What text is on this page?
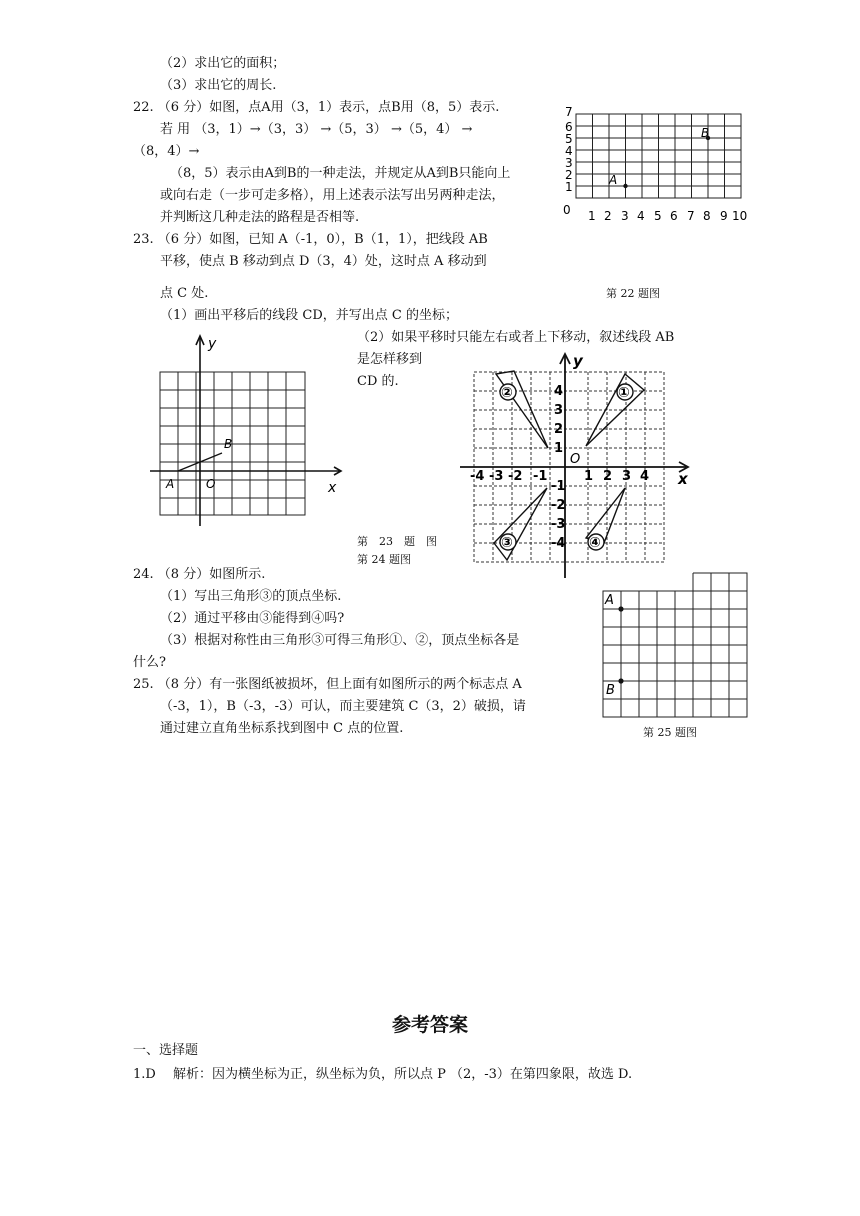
（2）求出它的面积；
（3）求出它的周长.
22. （6 分）如图，点A用（3，1）表示，点B用（8，5）表示.
若 用 （3，1）→（3，3） →（5，3） →（5，4） →
（8，4）→
（8，5）表示由A到B的一种走法，并规定从A到B只能向上
或向右走（一步可走多格），用上述表示法写出另两种走法，
并判断这几种走法的路程是否相等.
23. （6 分）如图，已知 A（-1，0），B（1，1），把线段 AB
平移，使点 B 移动到点 D（3，4）处，这时点 A 移动到
点 C 处.
（1）画出平移后的线段 CD，并写出点 C 的坐标；
（2）如果平移时只能左右或者上下移动，叙述线段 AB
是怎样移到
CD 的.
24. （8 分）如图所示.
（1）写出三角形③的顶点坐标.
（2）通过平移由③能得到④吗?
（3）根据对称性由三角形③可得三角形①、②，顶点坐标各是
什么?
25. （8 分）有一张图纸被损坏，但上面有如图所示的两个标志点 A
（-3，1），B（-3，-3）可认，而主要建筑 C（3，2）破损，请
通过建立直角坐标系找到图中 C 点的位置.
第 22 题图
第　23　题　图
第 24 题图
第 25 题图
0 1 2 3 4 5 6 7 8 9 10
1
2
3
4
5
6
7
A
B
y
x
A
B
O
①
②
③	④
-4 -3 -2 -1	1 2 3 4
4
3
2
1
-1
-2
-3
-4
y
x
O
A
B
参考答案
一、选择题
1.D　 解析：因为横坐标为正，纵坐标为负，所以点 P （2，-3）在第四象限，故选 D.
